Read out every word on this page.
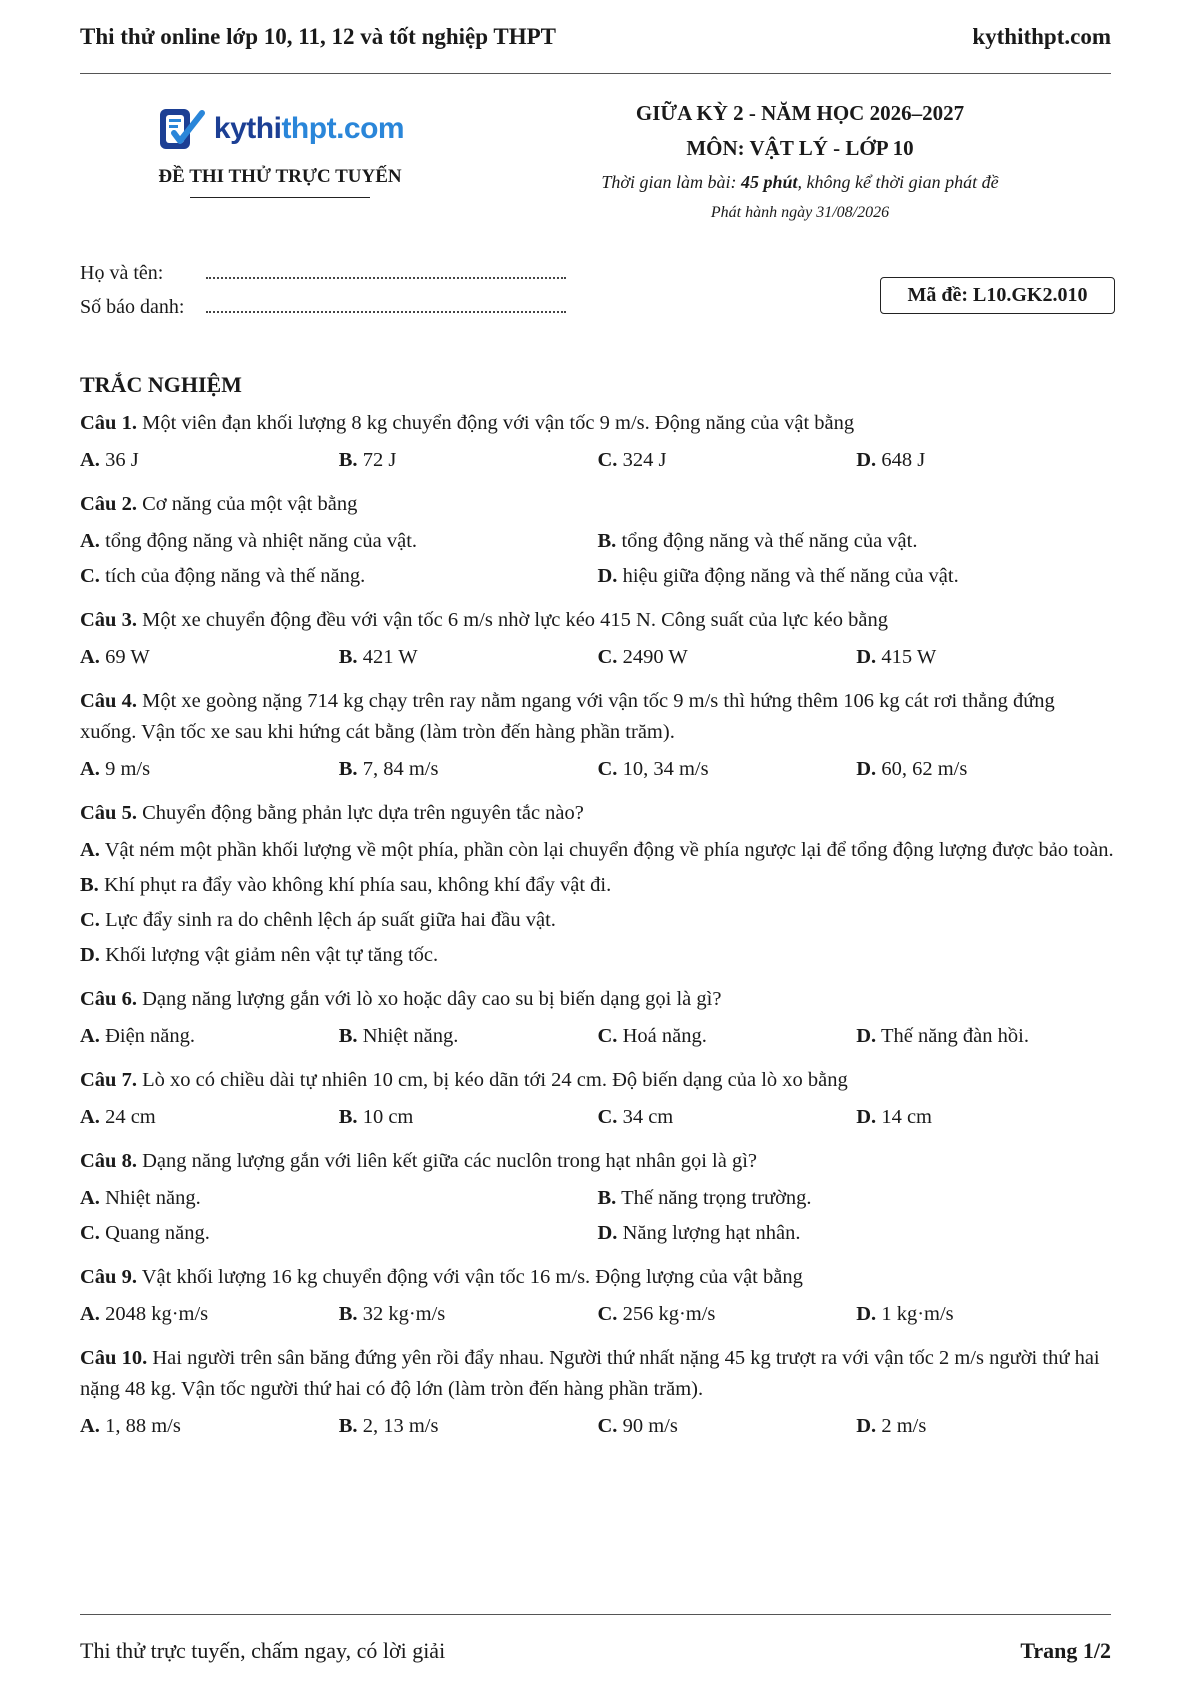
Thi thử online lớp 10, 11, 12 và tốt nghiệp THPT	kythithpt.com
kythithpt.com
ĐỀ THI THỬ TRỰC TUYẾN
GIỮA KỲ 2 - NĂM HỌC 2026–2027
MÔN: VẬT LÝ - LỚP 10
Thời gian làm bài: 45 phút, không kể thời gian phát đề
Phát hành ngày 31/08/2026
Họ và tên:
Số báo danh:
Mã đề: L10.GK2.010
TRẮC NGHIỆM
Câu 1. Một viên đạn khối lượng 8 kg chuyển động với vận tốc 9 m/s. Động năng của vật bằng
A. 36 J	B. 72 J	C. 324 J	D. 648 J
Câu 2. Cơ năng của một vật bằng
A. tổng động năng và nhiệt năng của vật.	B. tổng động năng và thế năng của vật.
C. tích của động năng và thế năng.	D. hiệu giữa động năng và thế năng của vật.
Câu 3. Một xe chuyển động đều với vận tốc 6 m/s nhờ lực kéo 415 N. Công suất của lực kéo bằng
A. 69 W	B. 421 W	C. 2490 W	D. 415 W
Câu 4. Một xe goòng nặng 714 kg chạy trên ray nằm ngang với vận tốc 9 m/s thì hứng thêm 106 kg cát rơi thẳng đứng xuống. Vận tốc xe sau khi hứng cát bằng (làm tròn đến hàng phần trăm).
A. 9 m/s	B. 7, 84 m/s	C. 10, 34 m/s	D. 60, 62 m/s
Câu 5. Chuyển động bằng phản lực dựa trên nguyên tắc nào?
A. Vật ném một phần khối lượng về một phía, phần còn lại chuyển động về phía ngược lại để tổng động lượng được bảo toàn.
B. Khí phụt ra đẩy vào không khí phía sau, không khí đẩy vật đi.
C. Lực đẩy sinh ra do chênh lệch áp suất giữa hai đầu vật.
D. Khối lượng vật giảm nên vật tự tăng tốc.
Câu 6. Dạng năng lượng gắn với lò xo hoặc dây cao su bị biến dạng gọi là gì?
A. Điện năng.	B. Nhiệt năng.	C. Hoá năng.	D. Thế năng đàn hồi.
Câu 7. Lò xo có chiều dài tự nhiên 10 cm, bị kéo dãn tới 24 cm. Độ biến dạng của lò xo bằng
A. 24 cm	B. 10 cm	C. 34 cm	D. 14 cm
Câu 8. Dạng năng lượng gắn với liên kết giữa các nuclôn trong hạt nhân gọi là gì?
A. Nhiệt năng.	B. Thế năng trọng trường.
C. Quang năng.	D. Năng lượng hạt nhân.
Câu 9. Vật khối lượng 16 kg chuyển động với vận tốc 16 m/s. Động lượng của vật bằng
A. 2048 kg·m/s	B. 32 kg·m/s	C. 256 kg·m/s	D. 1 kg·m/s
Câu 10. Hai người trên sân băng đứng yên rồi đẩy nhau. Người thứ nhất nặng 45 kg trượt ra với vận tốc 2 m/s người thứ hai nặng 48 kg. Vận tốc người thứ hai có độ lớn (làm tròn đến hàng phần trăm).
A. 1, 88 m/s	B. 2, 13 m/s	C. 90 m/s	D. 2 m/s
Thi thử trực tuyến, chấm ngay, có lời giải	Trang 1/2
